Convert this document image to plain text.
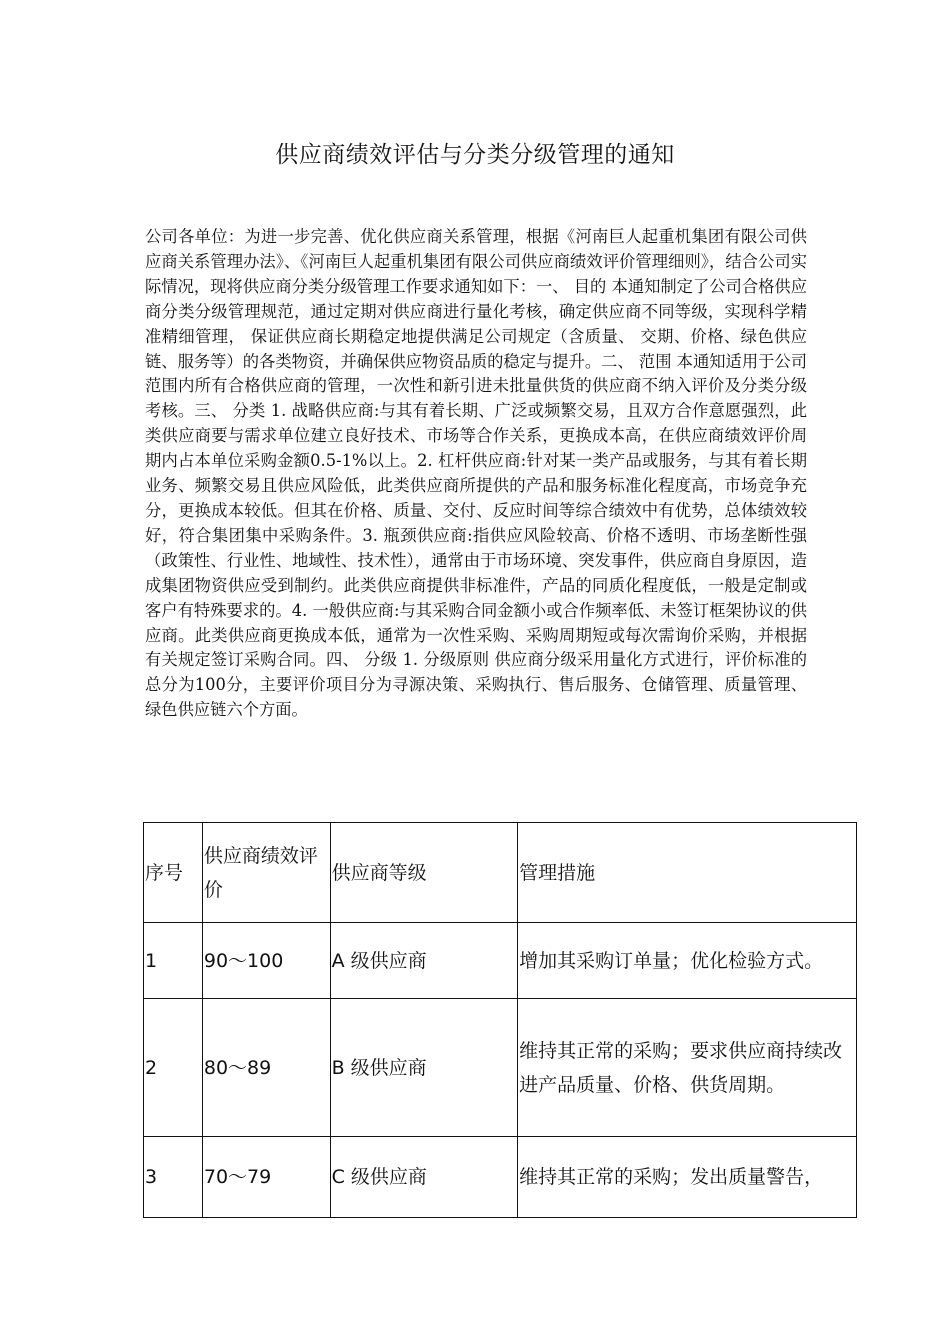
供应商绩效评估与分类分级管理的通知
公司各单位：为进一步完善、优化供应商关系管理，根据《河南巨人起重机集团有限公司供应商关系管理办法》、《河南巨人起重机集团有限公司供应商绩效评价管理细则》，结合公司实际情况，现将供应商分类分级管理工作要求通知如下：一、 目的 本通知制定了公司合格供应商分类分级管理规范，通过定期对供应商进行量化考核，确定供应商不同等级，实现科学精准精细管理， 保证供应商长期稳定地提供满足公司规定（含质量、 交期、价格、绿色供应链、服务等）的各类物资，并确保供应物资品质的稳定与提升。二、 范围 本通知适用于公司范围内所有合格供应商的管理，一次性和新引进未批量供货的供应商不纳入评价及分类分级考核。三、 分类 1. 战略供应商:与其有着长期、广泛或频繁交易，且双方合作意愿强烈，此类供应商要与需求单位建立良好技术、市场等合作关系，更换成本高，在供应商绩效评价周期内占本单位采购金额0.5-1%以上。2. 杠杆供应商:针对某一类产品或服务，与其有着长期业务、频繁交易且供应风险低，此类供应商所提供的产品和服务标准化程度高，市场竞争充分，更换成本较低。但其在价格、质量、交付、反应时间等综合绩效中有优势，总体绩效较好，符合集团集中采购条件。3. 瓶颈供应商:指供应风险较高、价格不透明、市场垄断性强（政策性、行业性、地域性、技术性），通常由于市场环境、突发事件，供应商自身原因，造成集团物资供应受到制约。此类供应商提供非标准件，产品的同质化程度低，一般是定制或客户有特殊要求的。4. 一般供应商:与其采购合同金额小或合作频率低、未签订框架协议的供应商。此类供应商更换成本低，通常为一次性采购、采购周期短或每次需询价采购，并根据有关规定签订采购合同。四、 分级 1. 分级原则 供应商分级采用量化方式进行，评价标准的总分为100分，主要评价项目分为寻源决策、采购执行、售后服务、仓储管理、质量管理、绿色供应链六个方面。
序号	供应商绩效评价	供应商等级	管理措施
1	90～100	A 级供应商	增加其采购订单量；优化检验方式。
2	80～89	B 级供应商	维持其正常的采购；要求供应商持续改进产品质量、价格、供货周期。
3	70～79	C 级供应商	维持其正常的采购；发出质量警告，
